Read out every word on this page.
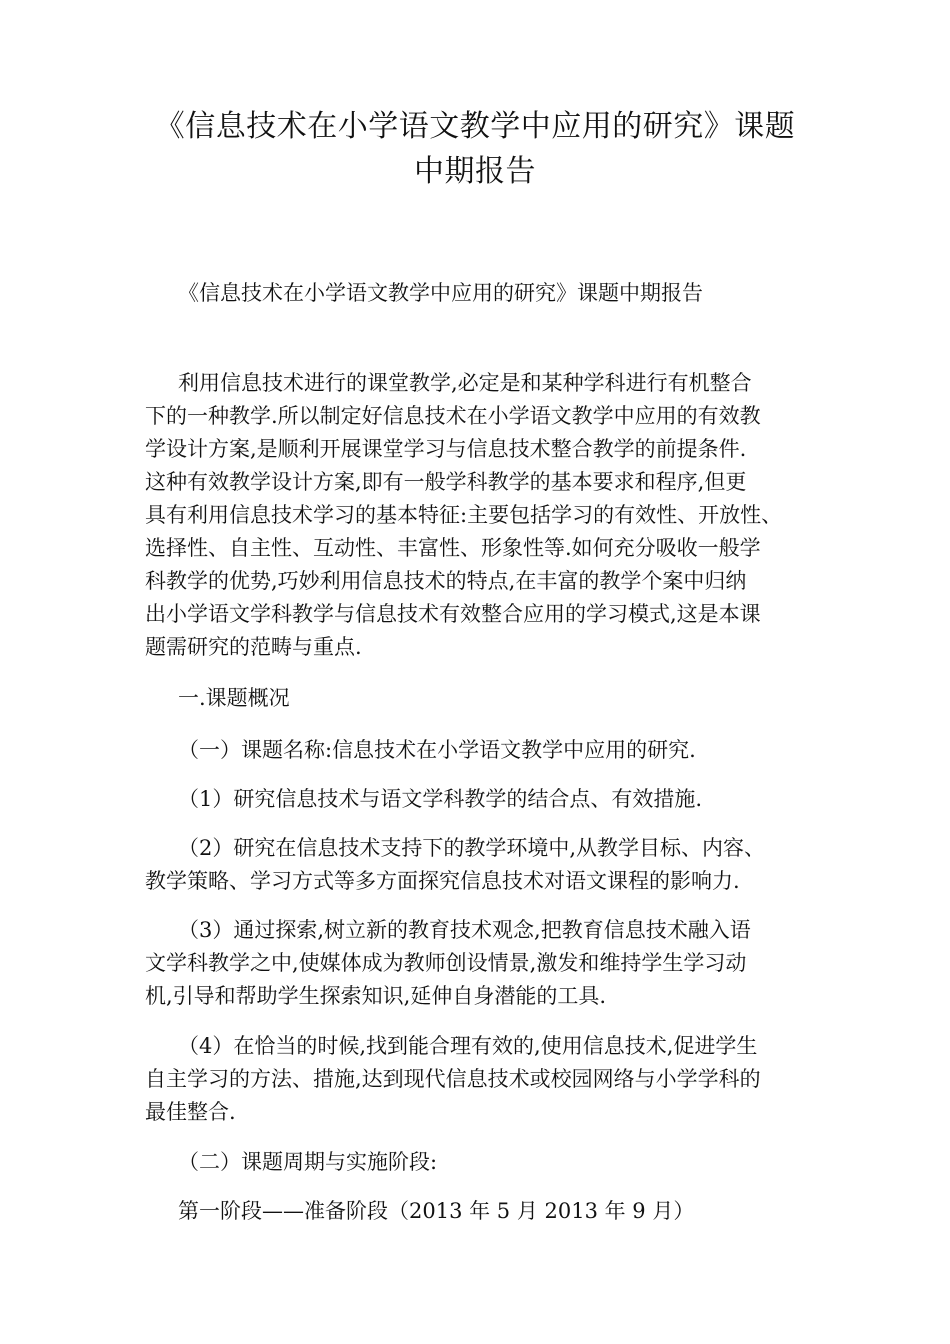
《信息技术在小学语文教学中应用的研究》课题
中期报告
《信息技术在小学语文教学中应用的研究》课题中期报告
利用信息技术进行的课堂教学,必定是和某种学科进行有机整合
下的一种教学.所以制定好信息技术在小学语文教学中应用的有效教
学设计方案,是顺利开展课堂学习与信息技术整合教学的前提条件.
这种有效教学设计方案,即有一般学科教学的基本要求和程序,但更
具有利用信息技术学习的基本特征:主要包括学习的有效性、开放性、
选择性、自主性、互动性、丰富性、形象性等.如何充分吸收一般学
科教学的优势,巧妙利用信息技术的特点,在丰富的教学个案中归纳
出小学语文学科教学与信息技术有效整合应用的学习模式,这是本课
题需研究的范畴与重点.
一.课题概况
（一）课题名称:信息技术在小学语文教学中应用的研究.
（1）研究信息技术与语文学科教学的结合点、有效措施.
（2）研究在信息技术支持下的教学环境中,从教学目标、内容、
教学策略、学习方式等多方面探究信息技术对语文课程的影响力.
（3）通过探索,树立新的教育技术观念,把教育信息技术融入语
文学科教学之中,使媒体成为教师创设情景,激发和维持学生学习动
机,引导和帮助学生探索知识,延伸自身潜能的工具.
（4）在恰当的时候,找到能合理有效的,使用信息技术,促进学生
自主学习的方法、措施,达到现代信息技术或校园网络与小学学科的
最佳整合.
（二）课题周期与实施阶段:
第一阶段——准备阶段（2013 年 5 月 2013 年 9 月）
